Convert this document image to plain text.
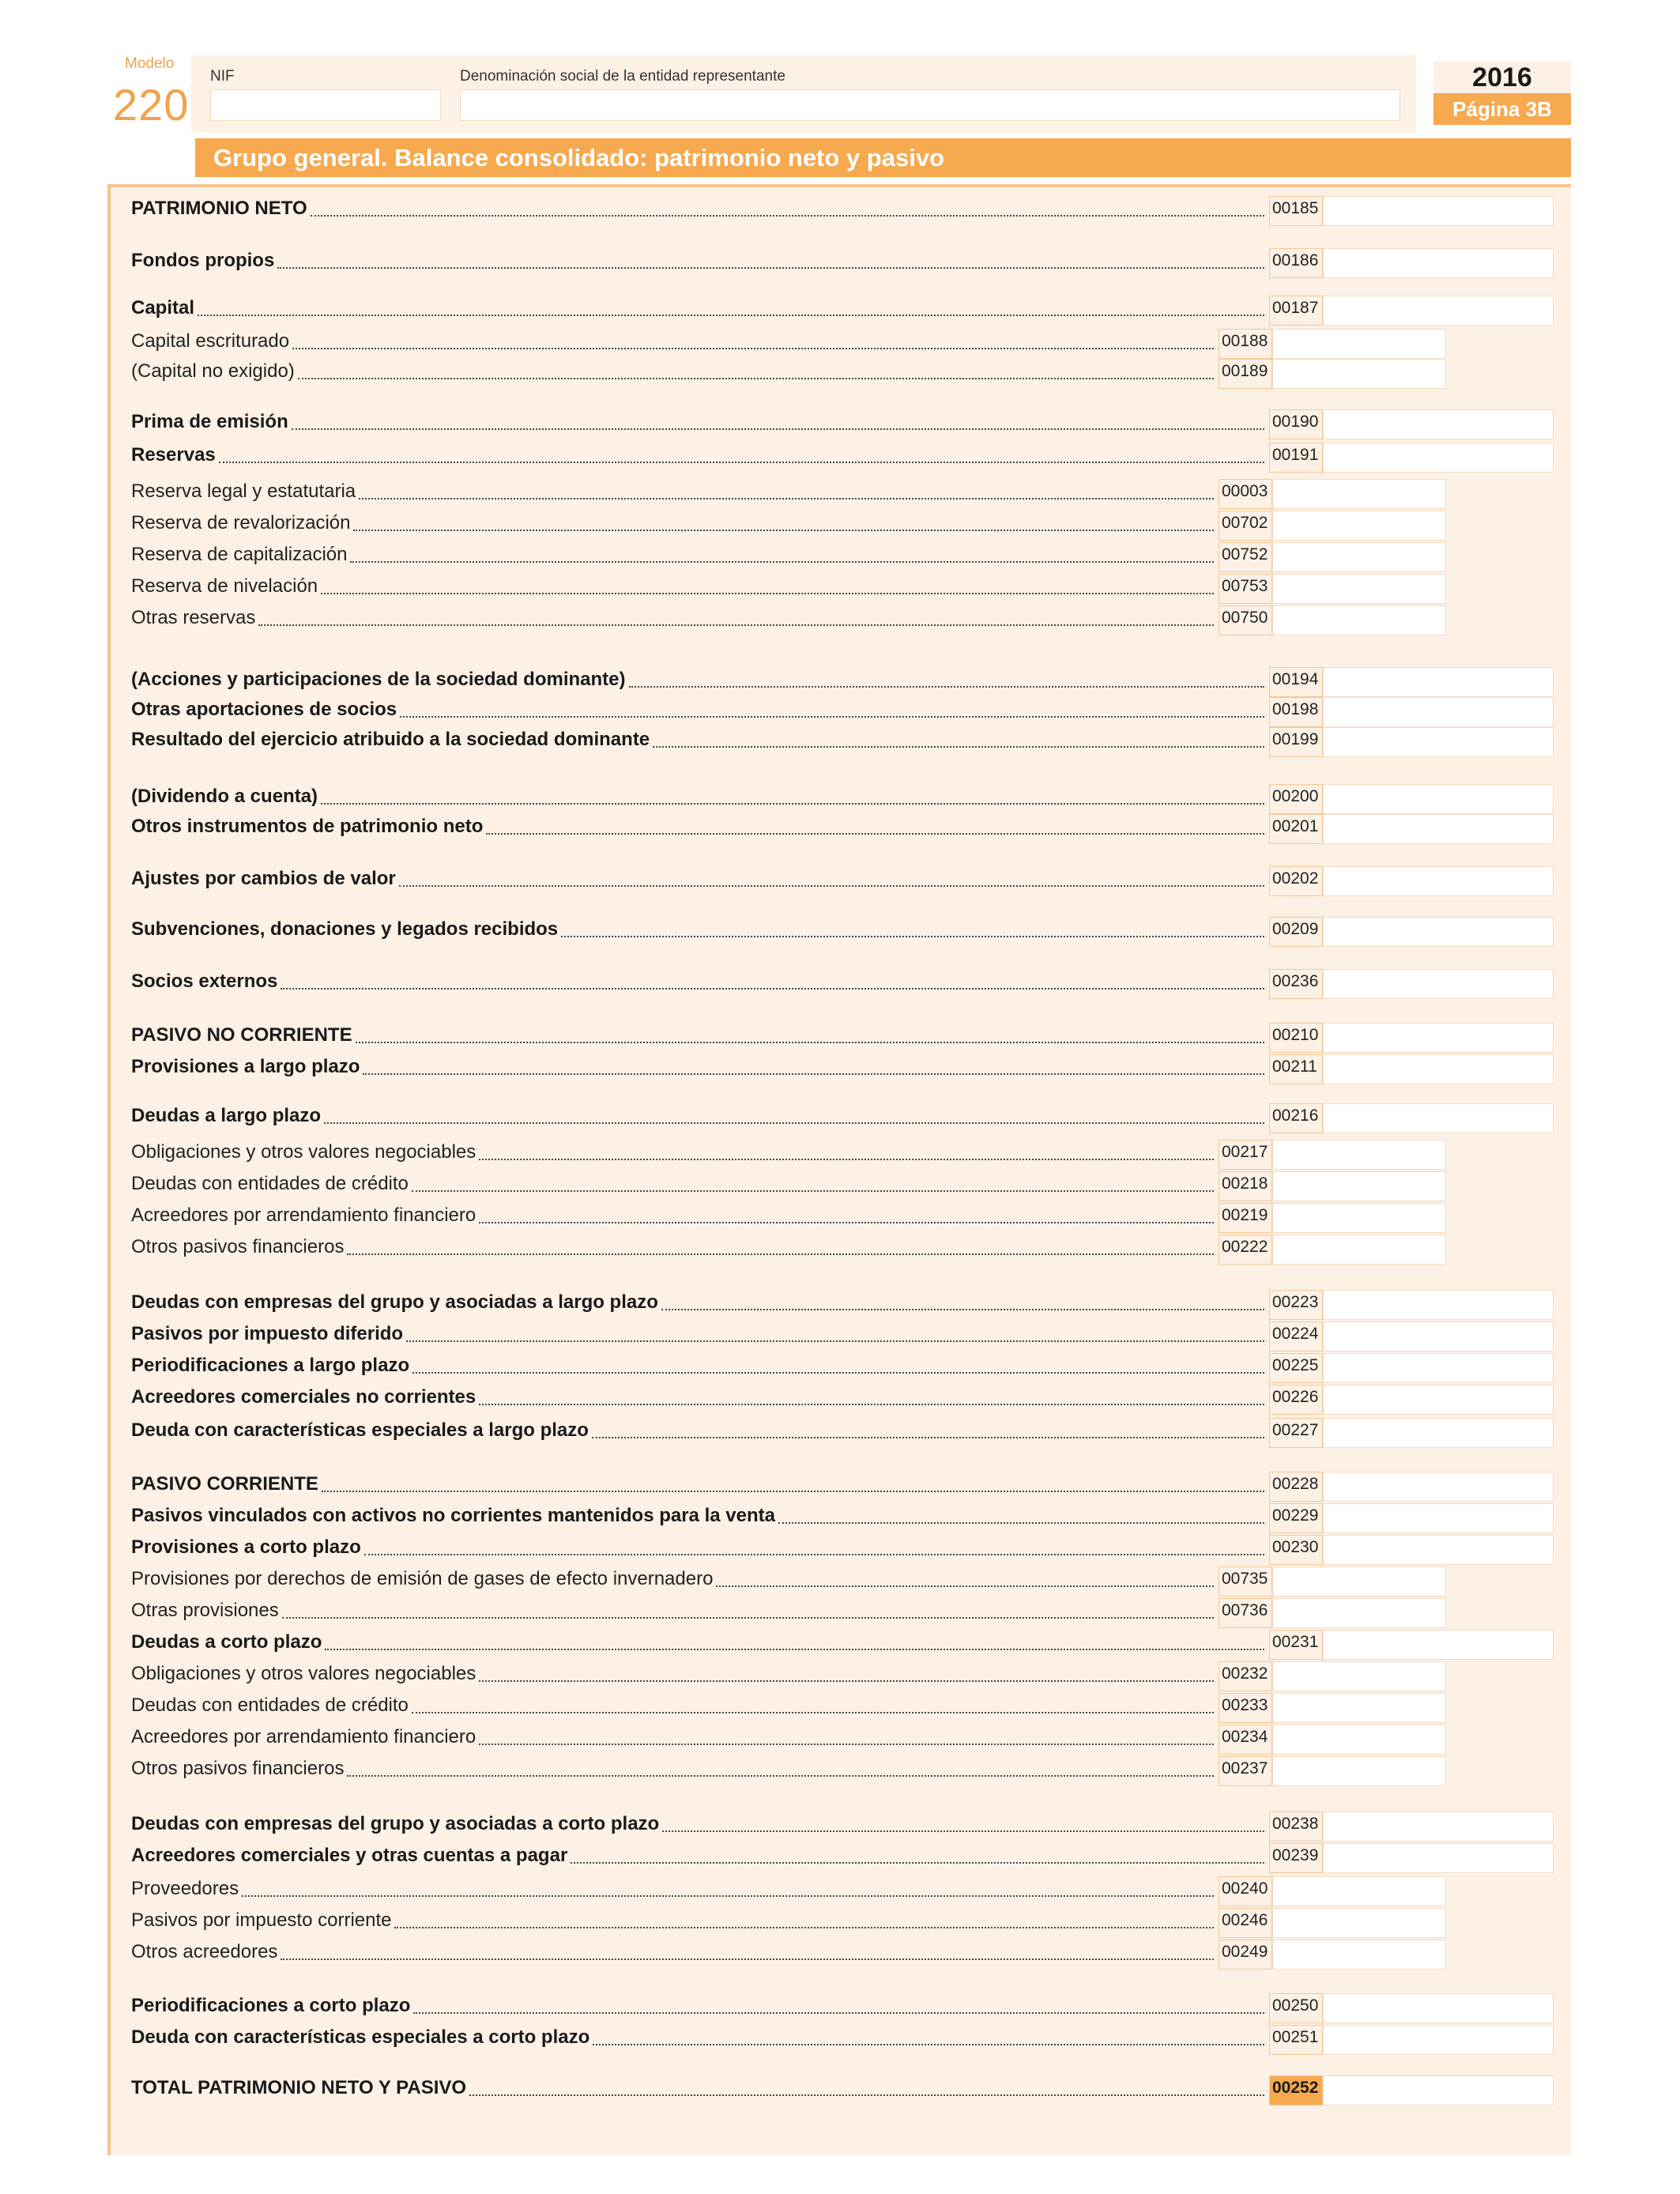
Modelo
220
NIF	Denominación social de la entidad representante	2016
Página 3B
Grupo general. Balance consolidado: patrimonio neto y pasivo
PATRIMONIO NETO	00185
Fondos propios	00186
Capital	00187
Capital escriturado	00188
(Capital no exigido)	00189
Prima de emisión	00190
Reservas	00191
Reserva legal y estatutaria	00003
Reserva de revalorización	00702
Reserva de capitalización	00752
Reserva de nivelación	00753
Otras reservas	00750
(Acciones y participaciones de la sociedad dominante)	00194
Otras aportaciones de socios	00198
Resultado del ejercicio atribuido a la sociedad dominante	00199
(Dividendo a cuenta)	00200
Otros instrumentos de patrimonio neto	00201
Ajustes por cambios de valor	00202
Subvenciones, donaciones y legados recibidos	00209
Socios externos	00236
PASIVO NO CORRIENTE	00210
Provisiones a largo plazo	00211
Deudas a largo plazo	00216
Obligaciones y otros valores negociables	00217
Deudas con entidades de crédito	00218
Acreedores por arrendamiento financiero	00219
Otros pasivos financieros	00222
Deudas con empresas del grupo y asociadas a largo plazo	00223
Pasivos por impuesto diferido	00224
Periodificaciones a largo plazo	00225
Acreedores comerciales no corrientes	00226
Deuda con características especiales a largo plazo	00227
PASIVO CORRIENTE	00228
Pasivos vinculados con activos no corrientes mantenidos para la venta	00229
Provisiones a corto plazo	00230
Provisiones por derechos de emisión de gases de efecto invernadero	00735
Otras provisiones	00736
Deudas a corto plazo	00231
Obligaciones y otros valores negociables	00232
Deudas con entidades de crédito	00233
Acreedores por arrendamiento financiero	00234
Otros pasivos financieros	00237
Deudas con empresas del grupo y asociadas a corto plazo	00238
Acreedores comerciales y otras cuentas a pagar	00239
Proveedores	00240
Pasivos por impuesto corriente	00246
Otros acreedores	00249
Periodificaciones a corto plazo	00250
Deuda con características especiales a corto plazo	00251
TOTAL PATRIMONIO NETO Y PASIVO	00252
